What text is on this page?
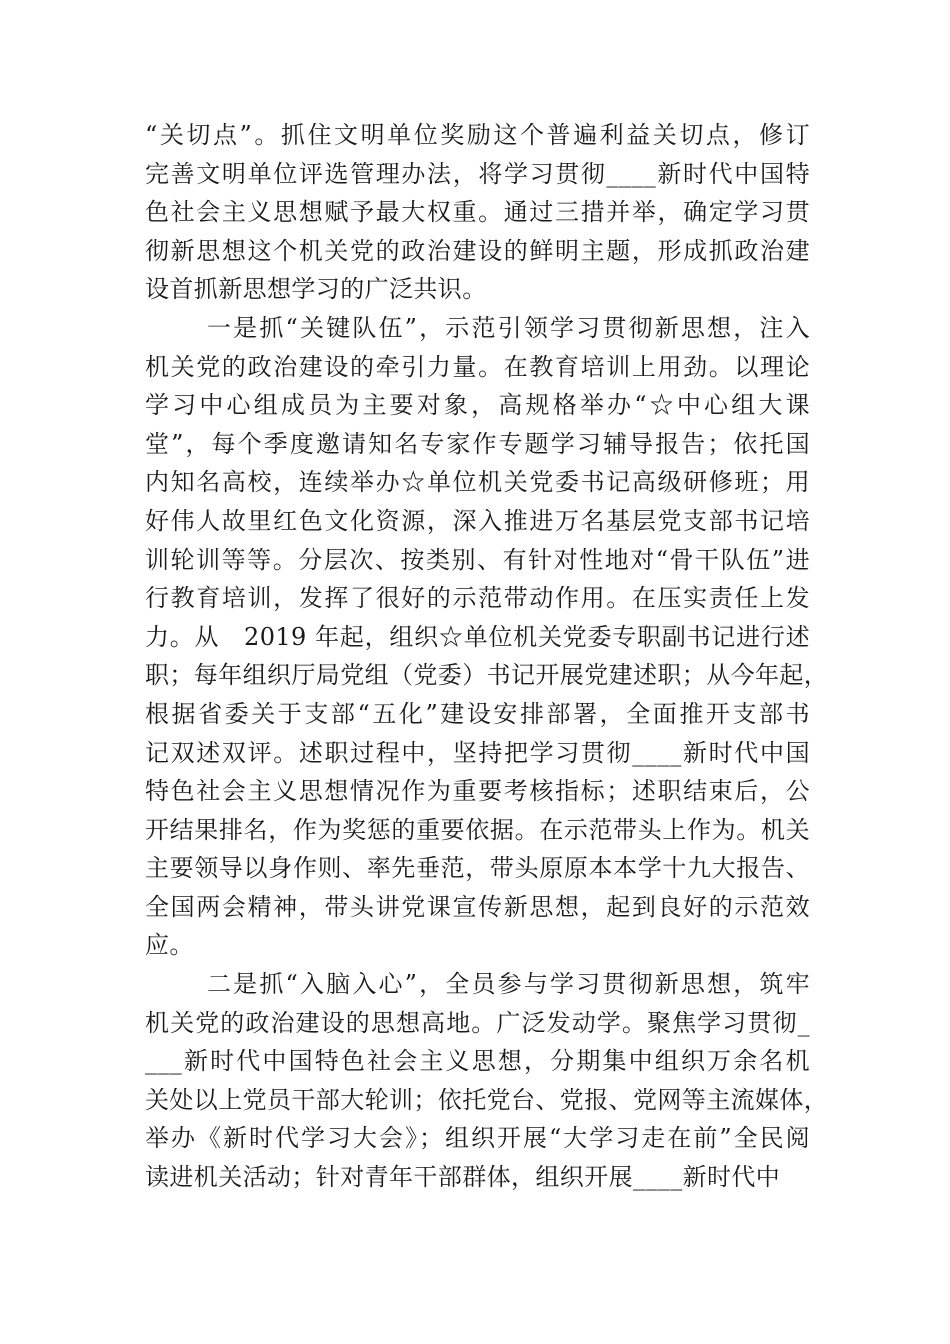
“关切点”。抓住文明单位奖励这个普遍利益关切点，修订
完善文明单位评选管理办法，将学习贯彻____新时代中国特
色社会主义思想赋予最大权重。通过三措并举，确定学习贯
彻新思想这个机关党的政治建设的鲜明主题，形成抓政治建
设首抓新思想学习的广泛共识。
一是抓“关键队伍”，示范引领学习贯彻新思想，注入
机关党的政治建设的牵引力量。在教育培训上用劲。以理论
学习中心组成员为主要对象，高规格举办“☆中心组大课
堂”，每个季度邀请知名专家作专题学习辅导报告；依托国
内知名高校，连续举办☆单位机关党委书记高级研修班；用
好伟人故里红色文化资源，深入推进万名基层党支部书记培
训轮训等等。分层次、按类别、有针对性地对“骨干队伍”进
行教育培训，发挥了很好的示范带动作用。在压实责任上发
力。从　2019 年起，组织☆单位机关党委专职副书记进行述
职；每年组织厅局党组（党委）书记开展党建述职；从今年起，
根据省委关于支部“五化”建设安排部署，全面推开支部书
记双述双评。述职过程中，坚持把学习贯彻____新时代中国
特色社会主义思想情况作为重要考核指标；述职结束后，公
开结果排名，作为奖惩的重要依据。在示范带头上作为。机关
主要领导以身作则、率先垂范，带头原原本本学十九大报告、
全国两会精神，带头讲党课宣传新思想，起到良好的示范效
应。
二是抓“入脑入心”，全员参与学习贯彻新思想，筑牢
机关党的政治建设的思想高地。广泛发动学。聚焦学习贯彻_
___新时代中国特色社会主义思想，分期集中组织万余名机
关处以上党员干部大轮训；依托党台、党报、党网等主流媒体，
举办《新时代学习大会》；组织开展“大学习走在前”全民阅
读进机关活动；针对青年干部群体，组织开展____新时代中
